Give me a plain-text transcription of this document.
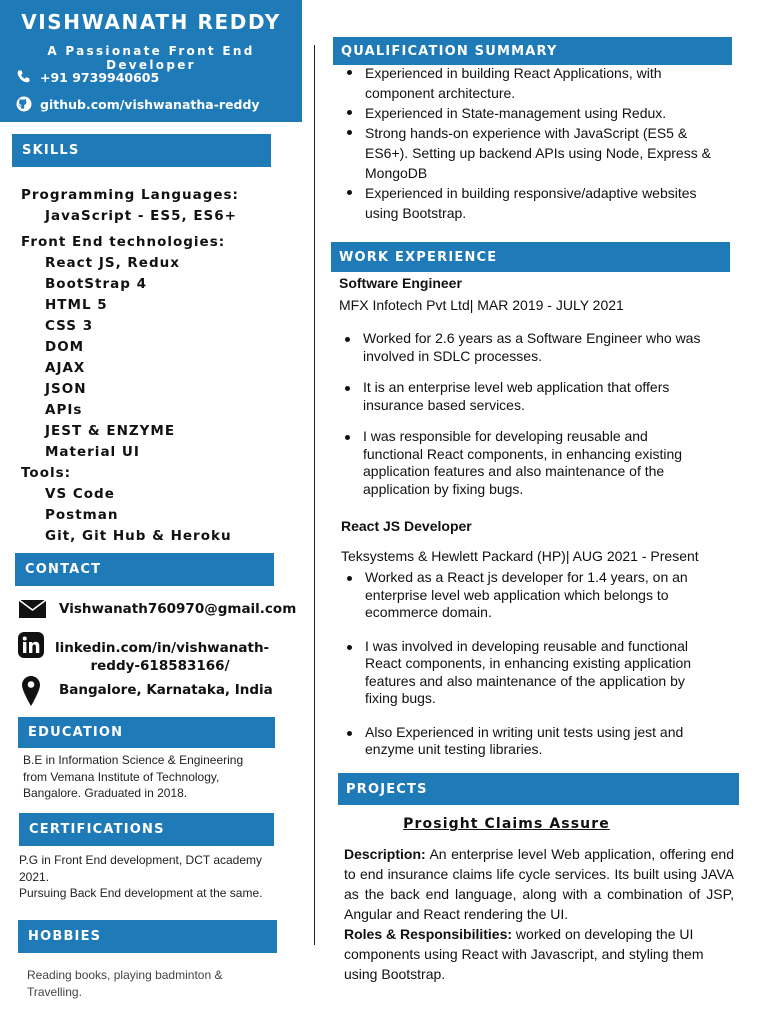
VISHWANATH REDDY
A Passionate Front End Developer
+91 9739940605
github.com/vishwanatha-reddy
SKILLS
Programming Languages:
JavaScript - ES5, ES6+
Front End technologies:
React JS, Redux
BootStrap 4
HTML 5
CSS 3
DOM
AJAX
JSON
APIs
JEST & ENZYME
Material UI
Tools:
VS Code
Postman
Git, Git Hub & Heroku
CONTACT
Vishwanath760970@gmail.com
linkedin.com/in/vishwanath-
reddy-618583166/
Bangalore, Karnataka, India
EDUCATION
B.E in Information Science & Engineering
from Vemana Institute of Technology,
Bangalore. Graduated in 2018.
CERTIFICATIONS
P.G in Front End development, DCT academy
2021.
Pursuing Back End development at the same.
HOBBIES
Reading books, playing badminton &
Travelling.
QUALIFICATION SUMMARY
Experienced in building React Applications, with
component architecture.
Experienced in State-management using Redux.
Strong hands-on experience with JavaScript (ES5 &
ES6+). Setting up backend APIs using Node, Express &
MongoDB
Experienced in building responsive/adaptive websites
using Bootstrap.
WORK EXPERIENCE
Software Engineer
MFX Infotech Pvt Ltd| MAR 2019 - JULY 2021
Worked for 2.6 years as a Software Engineer who was
involved in SDLC processes.
It is an enterprise level web application that offers
insurance based services.
I was responsible for developing reusable and
functional React components, in enhancing existing
application features and also maintenance of the
application by fixing bugs.
React JS Developer
Teksystems & Hewlett Packard (HP)| AUG 2021 - Present
Worked as a React js developer for 1.4 years, on an
enterprise level web application which belongs to
ecommerce domain.
I was involved in developing reusable and functional
React components, in enhancing existing application
features and also maintenance of the application by
fixing bugs.
Also Experienced in writing unit tests using jest and
enzyme unit testing libraries.
PROJECTS
Prosight Claims Assure
Description: An enterprise level Web application, offering end to end insurance claims life cycle services. Its built using JAVA as the back end language, along with a combination of JSP, Angular and React rendering the UI.
Roles & Responsibilities: worked on developing the UI components using React with Javascript, and styling them using Bootstrap.
